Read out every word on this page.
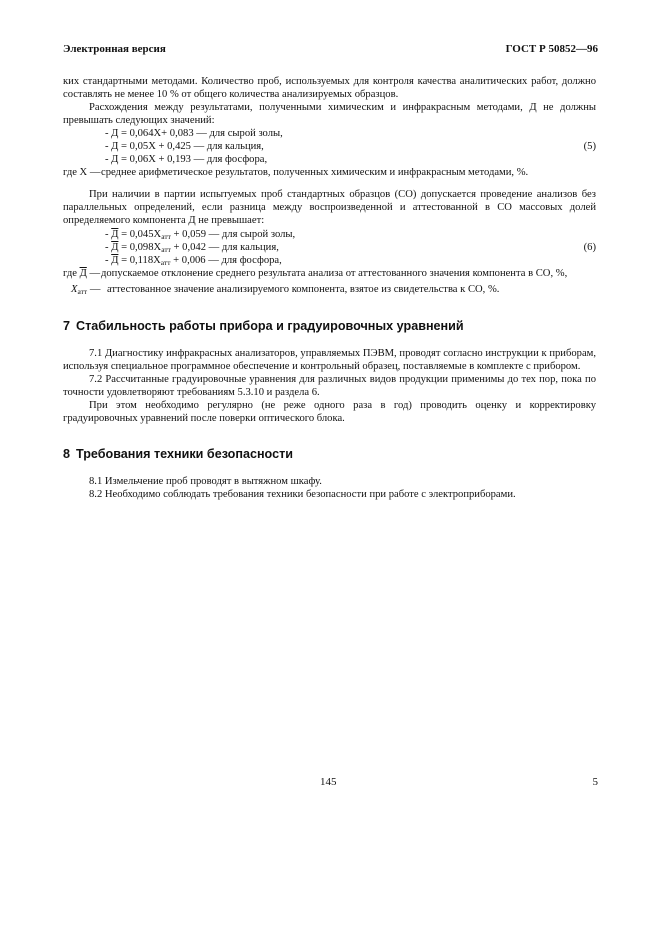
Электронная версия	ГОСТ Р 50852—96

ких стандартными методами. Количество проб, используемых для контроля качества аналитических работ, должно составлять не менее 10 % от общего количества анализируемых образцов.

Расхождения между результатами, полученными химическим и инфракрасным методами, Д не должны превышать следующих значений:

- Д = 0,064X+ 0,083 — для сырой золы,
- Д = 0,05X + 0,425 — для кальция,
- Д = 0,06X + 0,193 — для фосфора,
(5)
где X — среднее арифметическое результатов, полученных химическим и инфракрасным методами, %.

При наличии в партии испытуемых проб стандартных образцов (СО) допускается проведение анализов без параллельных определений, если разница между воспроизведенной и аттестованной в СО массовых долей определяемого компонента Д не превышает:

- $Д = 0,045X_{атт} + 0,059$ — для сырой золы,
- $Д = 0,098X_{атт} + 0,042$ — для кальция,
- $Д = 0,118X_{атт} + 0,006$ — для фосфора,
(6)
где Д — допускаемое отклонение среднего результата анализа от аттестованного значения компонента в СО, %,
$X_{атт}$ — аттестованное значение анализируемого компонента, взятое из свидетельства к СО, %.
7 Стабильность работы прибора и градуировочных уравнений

7.1 Диагностику инфракрасных анализаторов, управляемых ПЭВМ, проводят согласно инструкции к приборам, используя специальное программное обеспечение и контрольный образец, поставляемые в комплекте с прибором.

7.2 Рассчитанные градуировочные уравнения для различных видов продукции применимы до тех пор, пока по точности удовлетворяют требованиям 5.3.10 и раздела 6.

При этом необходимо регулярно (не реже одного раза в год) проводить оценку и корректировку градуировочных уравнений после поверки оптического блока.

8 Требования техники безопасности

8.1 Измельчение проб проводят в вытяжном шкафу.

8.2 Необходимо соблюдать требования техники безопасности при работе с электроприборами.

145	5
